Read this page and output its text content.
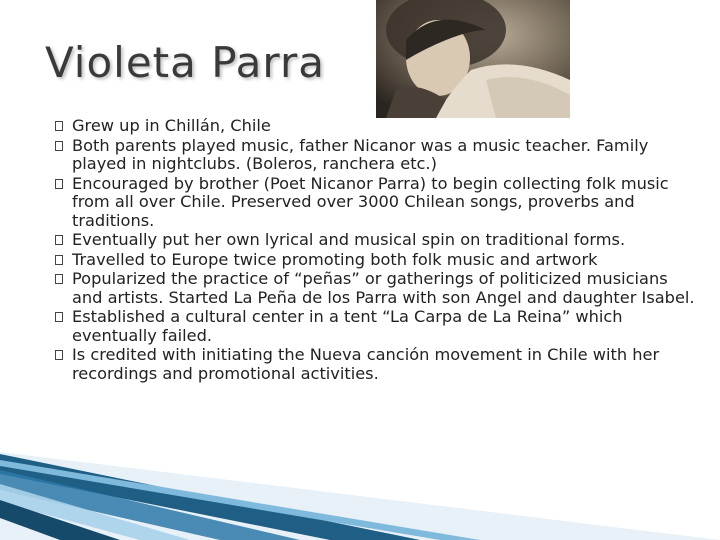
Violeta Parra
Grew up in Chillán, Chile
Both parents played music, father Nicanor was a music teacher. Family played in nightclubs. (Boleros, ranchera etc.)
Encouraged by brother (Poet Nicanor Parra) to begin collecting folk music from all over Chile. Preserved over 3000 Chilean songs, proverbs and traditions.
Eventually put her own lyrical and musical spin on traditional forms.
Travelled to Europe twice promoting both folk music and artwork
Popularized the practice of “peñas” or gatherings of politicized musicians and artists. Started La Peña de los Parra with son Angel and daughter Isabel.
Established a cultural center in a tent “La Carpa de La Reina” which eventually failed.
Is credited with initiating the Nueva canción movement in Chile with her recordings and promotional activities.
